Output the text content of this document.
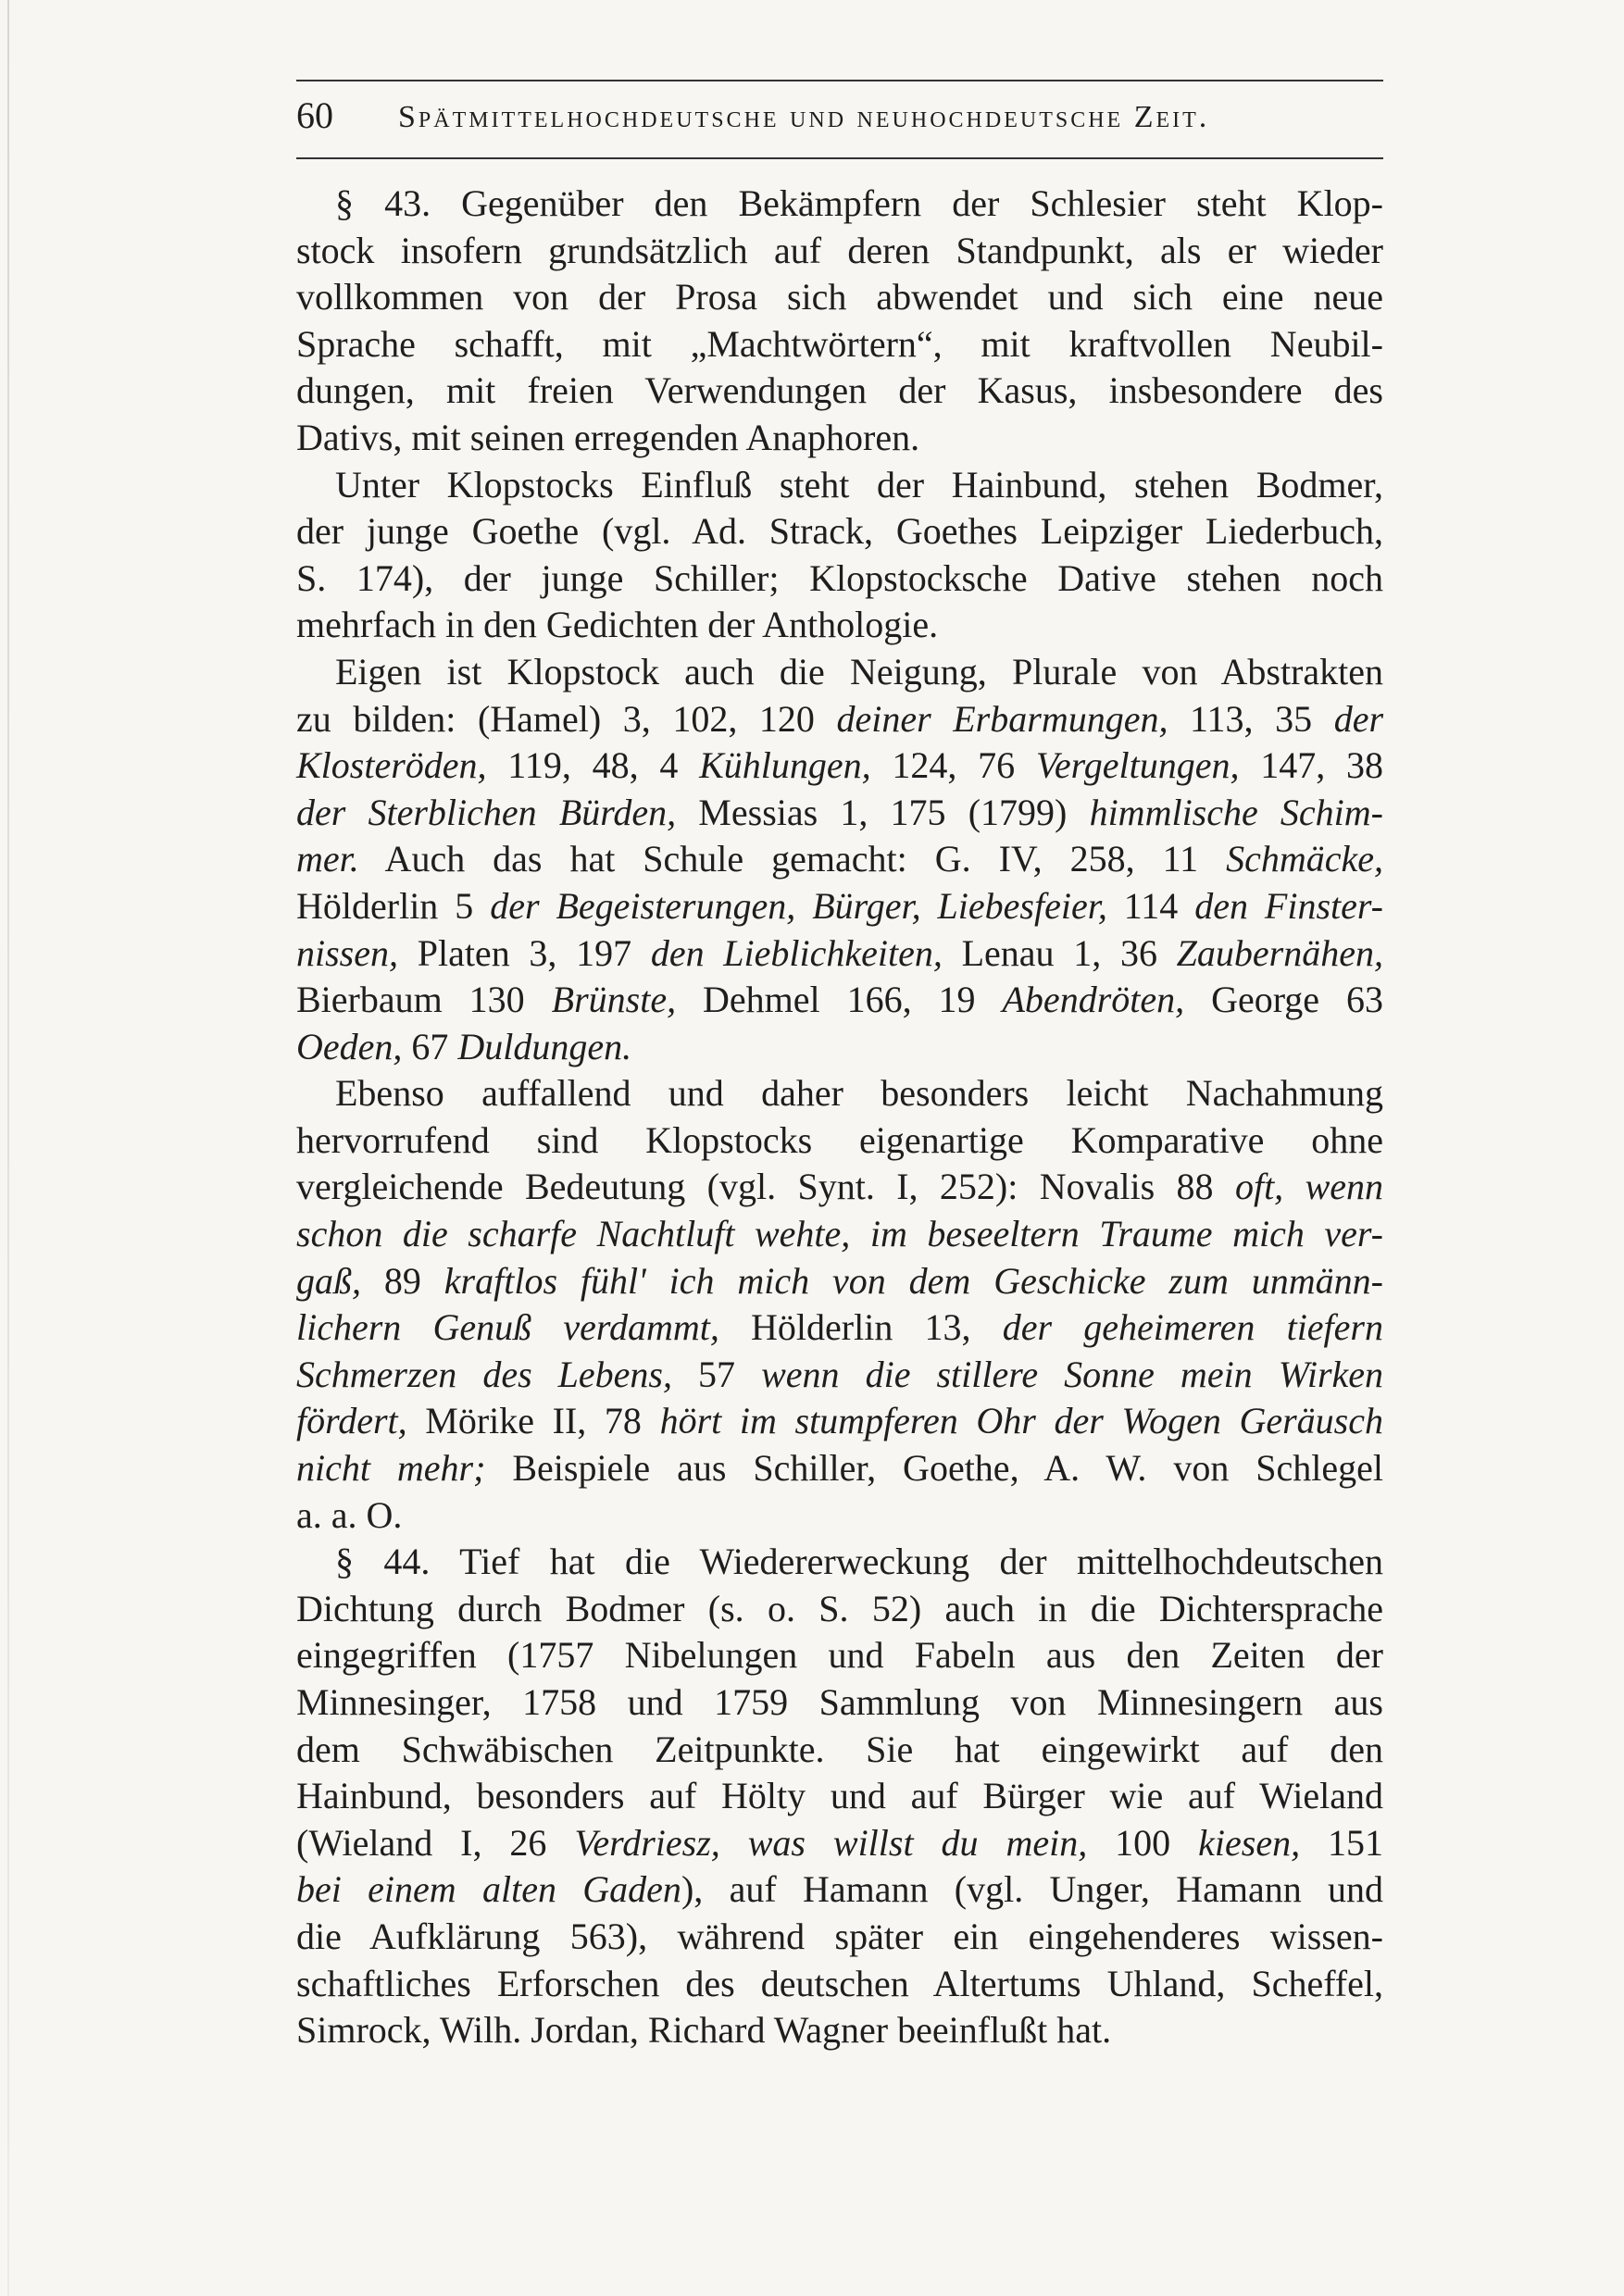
60 Spätmittelhochdeutsche und neuhochdeutsche Zeit.
§ 43. Gegenüber den Bekämpfern der Schlesier steht Klop-
stock insofern grundsätzlich auf deren Standpunkt, als er wieder
vollkommen von der Prosa sich abwendet und sich eine neue
Sprache schafft, mit „Machtwörtern“, mit kraftvollen Neubil-
dungen, mit freien Verwendungen der Kasus, insbesondere des
Dativs, mit seinen erregenden Anaphoren.
Unter Klopstocks Einfluß steht der Hainbund, stehen Bodmer,
der junge Goethe (vgl. Ad. Strack, Goethes Leipziger Liederbuch,
S. 174), der junge Schiller; Klopstocksche Dative stehen noch
mehrfach in den Gedichten der Anthologie.
Eigen ist Klopstock auch die Neigung, Plurale von Abstrakten
zu bilden: (Hamel) 3, 102, 120 deiner Erbarmungen, 113, 35 der
Klosteröden, 119, 48, 4 Kühlungen, 124, 76 Vergeltungen, 147, 38
der Sterblichen Bürden, Messias 1, 175 (1799) himmlische Schim-
mer. Auch das hat Schule gemacht: G. IV, 258, 11 Schmäcke,
Hölderlin 5 der Begeisterungen, Bürger, Liebesfeier, 114 den Finster-
nissen, Platen 3, 197 den Lieblichkeiten, Lenau 1, 36 Zaubernähen,
Bierbaum 130 Brünste, Dehmel 166, 19 Abendröten, George 63
Oeden, 67 Duldungen.
Ebenso auffallend und daher besonders leicht Nachahmung
hervorrufend sind Klopstocks eigenartige Komparative ohne
vergleichende Bedeutung (vgl. Synt. I, 252): Novalis 88 oft, wenn
schon die scharfe Nachtluft wehte, im beseeltern Traume mich ver-
gaß, 89 kraftlos fühl' ich mich von dem Geschicke zum unmänn-
lichern Genuß verdammt, Hölderlin 13, der geheimeren tiefern
Schmerzen des Lebens, 57 wenn die stillere Sonne mein Wirken
fördert, Mörike II, 78 hört im stumpferen Ohr der Wogen Geräusch
nicht mehr; Beispiele aus Schiller, Goethe, A. W. von Schlegel
a. a. O.
§ 44. Tief hat die Wiedererweckung der mittelhochdeutschen
Dichtung durch Bodmer (s. o. S. 52) auch in die Dichtersprache
eingegriffen (1757 Nibelungen und Fabeln aus den Zeiten der
Minnesinger, 1758 und 1759 Sammlung von Minnesingern aus
dem Schwäbischen Zeitpunkte. Sie hat eingewirkt auf den
Hainbund, besonders auf Hölty und auf Bürger wie auf Wieland
(Wieland I, 26 Verdriesz, was willst du mein, 100 kiesen, 151
bei einem alten Gaden), auf Hamann (vgl. Unger, Hamann und
die Aufklärung 563), während später ein eingehenderes wissen-
schaftliches Erforschen des deutschen Altertums Uhland, Scheffel,
Simrock, Wilh. Jordan, Richard Wagner beeinflußt hat.
